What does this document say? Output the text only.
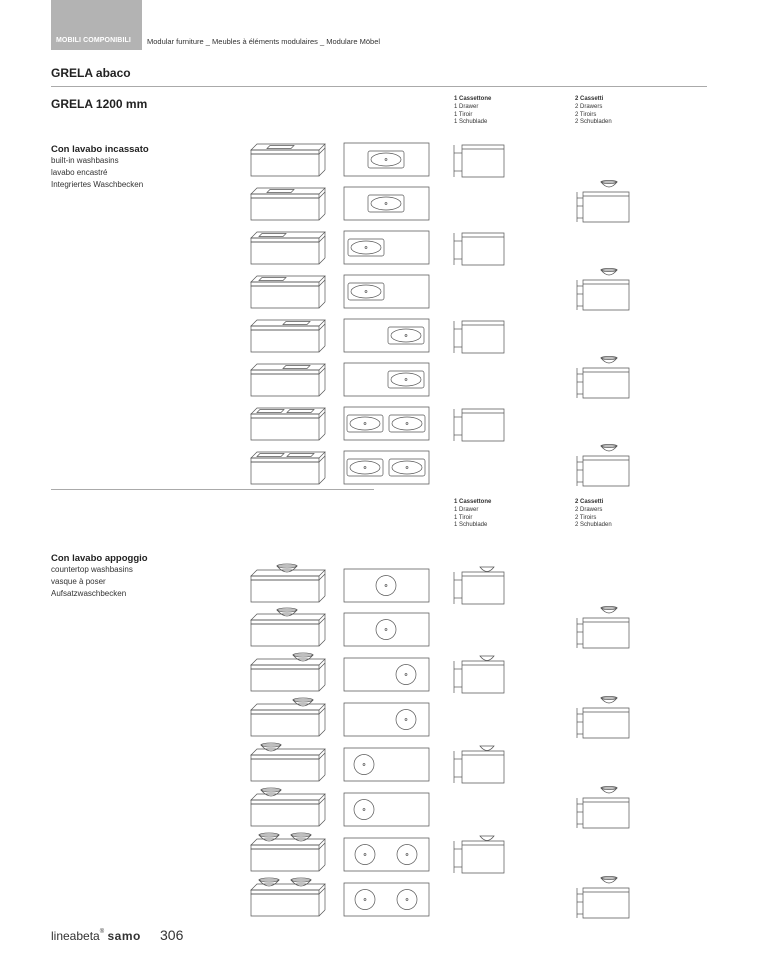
MOBILI COMPONIBILI Modular furniture _ Meubles à éléments modulaires _ Modulare Möbel
GRELA abaco
GRELA 1200 mm	1 Cassettone
1 Drawer
1 Tiroir
1 Schublade
2 Cassetti
2 Drawers
2 Tiroirs
2 Schubladen
Con lavabo incassato
built-in washbasins
lavabo encastré
Integriertes Waschbecken
1 Cassettone
1 Drawer
1 Tiroir
1 Schublade
2 Cassetti
2 Drawers
2 Tiroirs
2 Schubladen
Con lavabo appoggio
countertop washbasins
vasque à poser
Aufsatzwaschbecken
lineabeta® samo 306
